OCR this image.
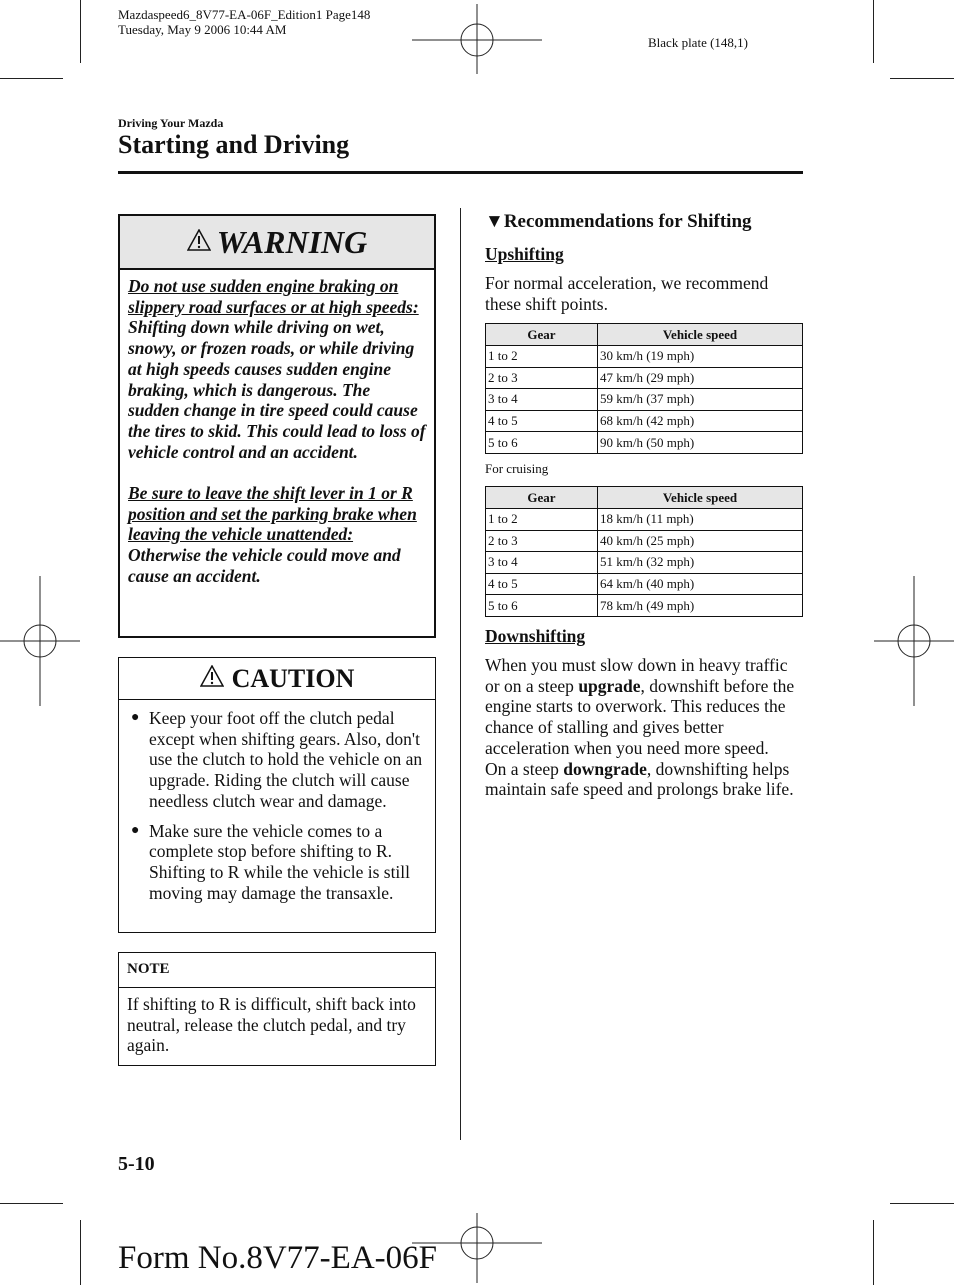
Mazdaspeed6_8V77-EA-06F_Edition1 Page148
Tuesday, May 9 2006 10:44 AM
Black plate (148,1)
Driving Your Mazda
Starting and Driving
WARNING

Do not use sudden engine braking on slippery road surfaces or at high speeds:
Shifting down while driving on wet, snowy, or frozen roads, or while driving at high speeds causes sudden engine braking, which is dangerous. The sudden change in tire speed could cause the tires to skid. This could lead to loss of vehicle control and an accident.

Be sure to leave the shift lever in 1 or R position and set the parking brake when leaving the vehicle unattended:
Otherwise the vehicle could move and cause an accident.

CAUTION
● Keep your foot off the clutch pedal except when shifting gears. Also, don't use the clutch to hold the vehicle on an upgrade. Riding the clutch will cause needless clutch wear and damage.
● Make sure the vehicle comes to a complete stop before shifting to R. Shifting to R while the vehicle is still moving may damage the transaxle.
NOTE
If shifting to R is difficult, shift back into neutral, release the clutch pedal, and try again.
▼Recommendations for Shifting
Upshifting
For normal acceleration, we recommend these shift points.
Gear	Vehicle speed
1 to 2	30 km/h (19 mph)
2 to 3	47 km/h (29 mph)
3 to 4	59 km/h (37 mph)
4 to 5	68 km/h (42 mph)
5 to 6	90 km/h (50 mph)
For cruising
Gear	Vehicle speed
1 to 2	18 km/h (11 mph)
2 to 3	40 km/h (25 mph)
3 to 4	51 km/h (32 mph)
4 to 5	64 km/h (40 mph)
5 to 6	78 km/h (49 mph)
Downshifting
When you must slow down in heavy traffic or on a steep upgrade, downshift before the engine starts to overwork. This reduces the chance of stalling and gives better acceleration when you need more speed.
On a steep downgrade, downshifting helps maintain safe speed and prolongs brake life.
5-10
Form No.8V77-EA-06F
